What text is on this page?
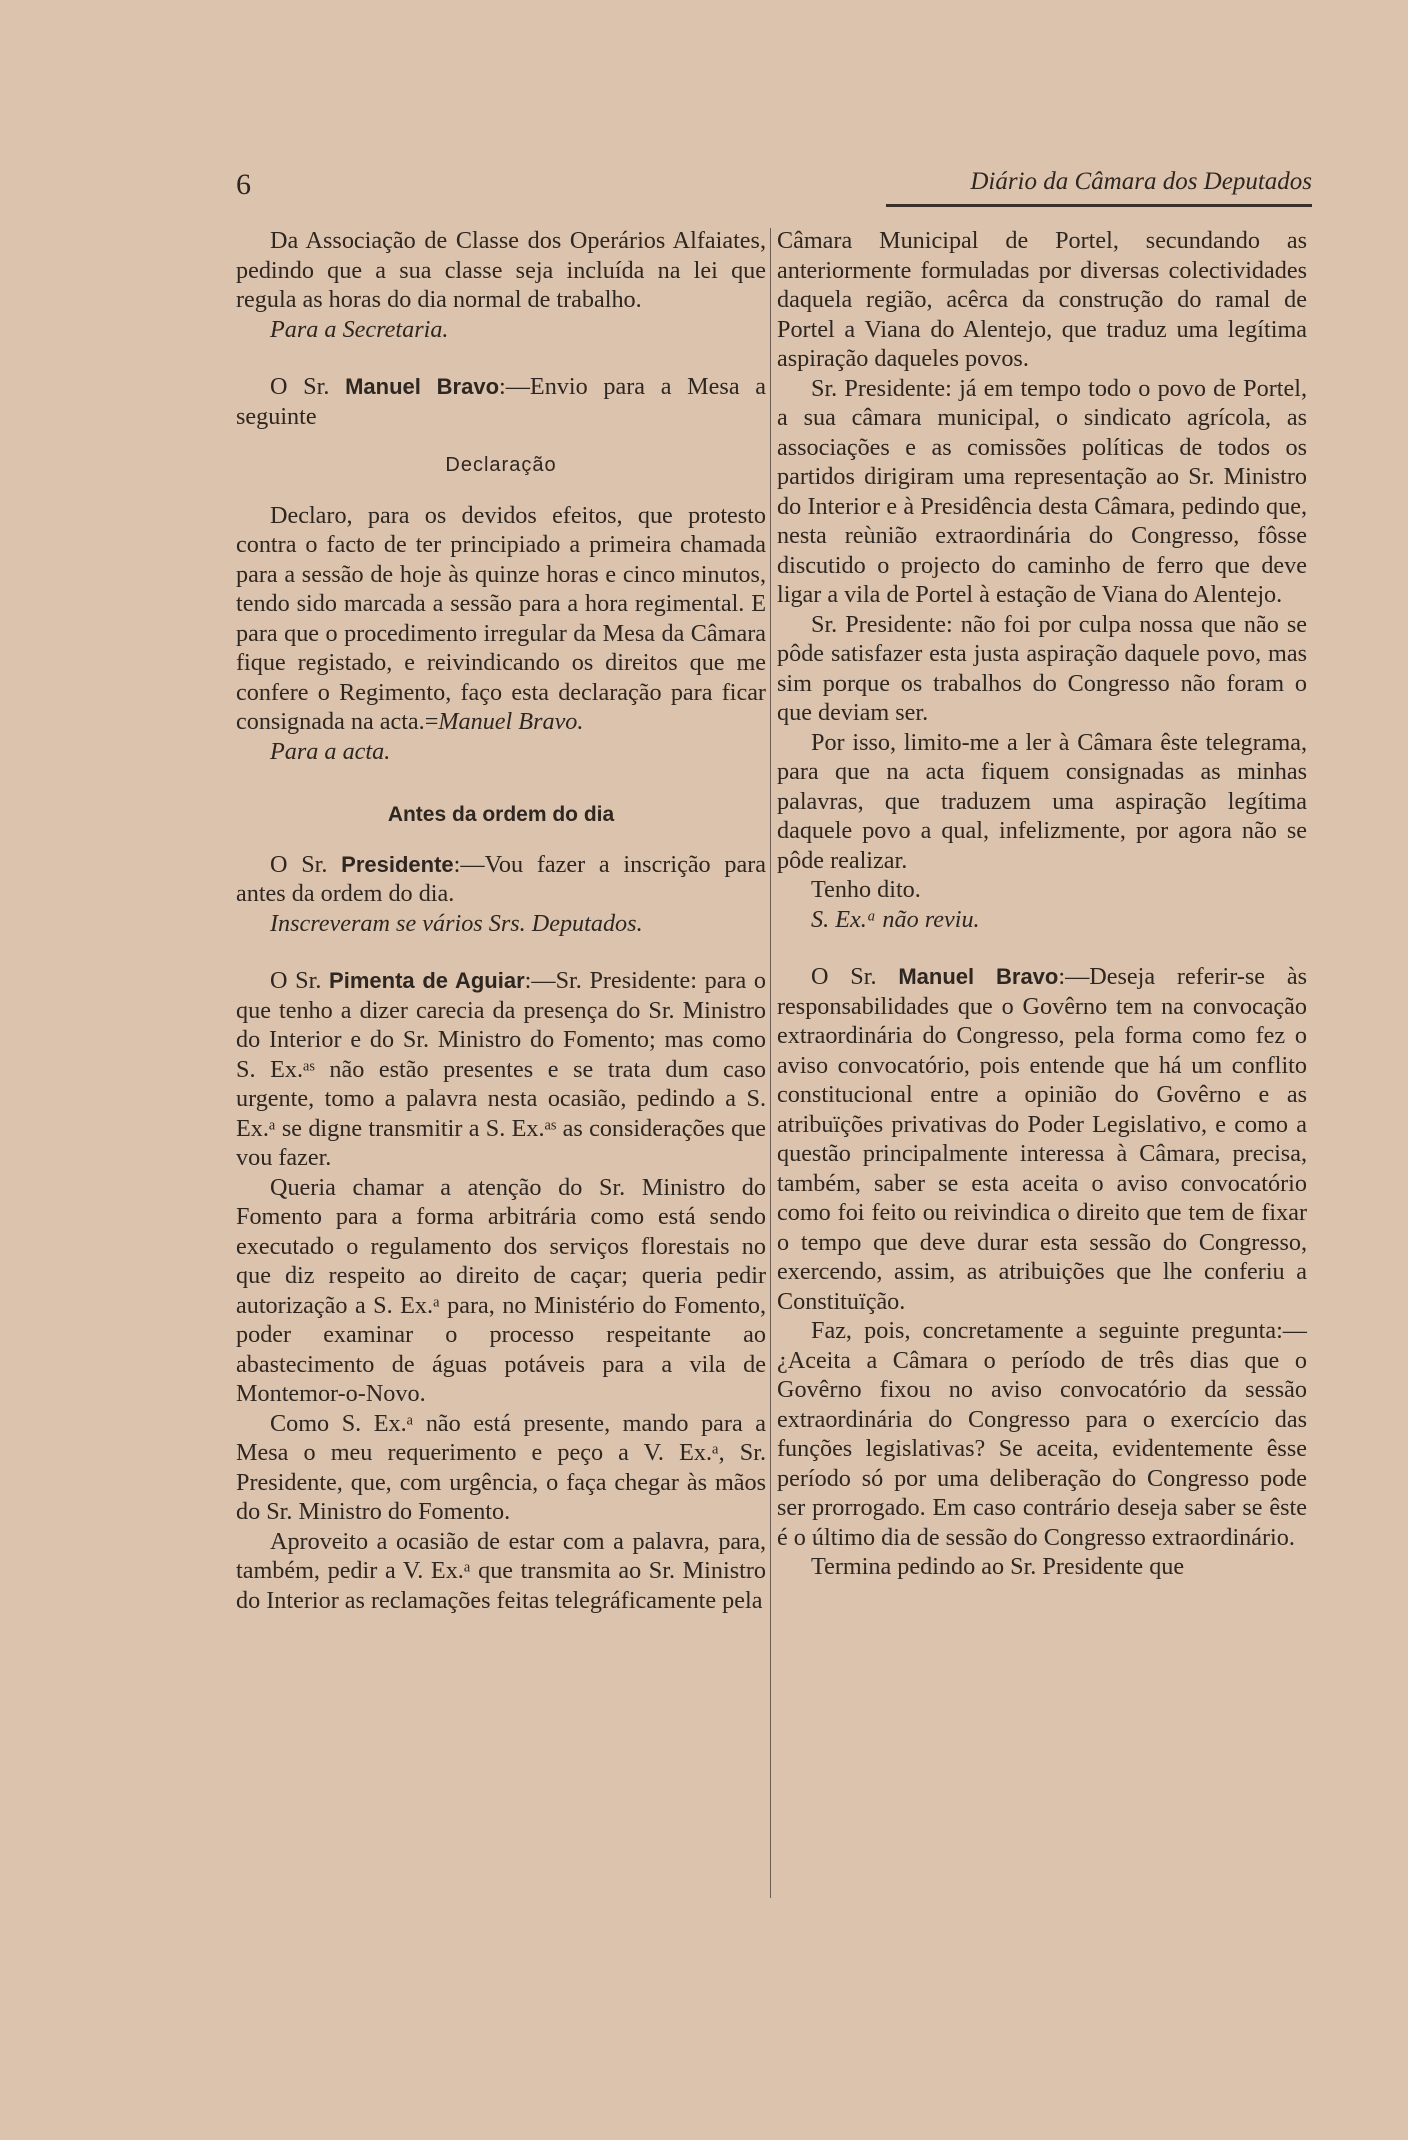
6	Diário da Câmara dos Deputados

Da Associação de Classe dos Operários Alfaiates, pedindo que a sua classe seja incluída na lei que regula as horas do dia normal de trabalho.

Para a Secretaria.

O Sr. Manuel Bravo:—Envio para a Mesa a seguinte

Declaração

Declaro, para os devidos efeitos, que protesto contra o facto de ter principiado a primeira chamada para a sessão de hoje às quinze horas e cinco minutos, tendo sido marcada a sessão para a hora regimental. E para que o procedimento irregular da Mesa da Câmara fique registado, e reivindicando os direitos que me confere o Regimento, faço esta declaração para ficar consignada na acta.=Manuel Bravo.

Para a acta.

Antes da ordem do dia

O Sr. Presidente:—Vou fazer a inscrição para antes da ordem do dia.

Inscreveram se vários Srs. Deputados.

O Sr. Pimenta de Aguiar:—Sr. Presidente: para o que tenho a dizer carecia da presença do Sr. Ministro do Interior e do Sr. Ministro do Fomento; mas como S. Ex.ᵃˢ não estão presentes e se trata dum caso urgente, tomo a palavra nesta ocasião, pedindo a S. Ex.ᵃ se digne transmitir a S. Ex.ᵃˢ as considerações que vou fazer.

Queria chamar a atenção do Sr. Ministro do Fomento para a forma arbitrária como está sendo executado o regulamento dos serviços florestais no que diz respeito ao direito de caçar; queria pedir autorização a S. Ex.ᵃ para, no Ministério do Fomento, poder examinar o processo respeitante ao abastecimento de águas potáveis para a vila de Montemor-o-Novo.

Como S. Ex.ᵃ não está presente, mando para a Mesa o meu requerimento e peço a V. Ex.ᵃ, Sr. Presidente, que, com urgência, o faça chegar às mãos do Sr. Ministro do Fomento.

Aproveito a ocasião de estar com a palavra, para, também, pedir a V. Ex.ᵃ que transmita ao Sr. Ministro do Interior as reclamações feitas telegráficamente pela

Câmara Municipal de Portel, secundando as anteriormente formuladas por diversas colectividades daquela região, acêrca da construção do ramal de Portel a Viana do Alentejo, que traduz uma legítima aspiração daqueles povos.

Sr. Presidente: já em tempo todo o povo de Portel, a sua câmara municipal, o sindicato agrícola, as associações e as comissões políticas de todos os partidos dirigiram uma representação ao Sr. Ministro do Interior e à Presidência desta Câmara, pedindo que, nesta reùnião extraordinária do Congresso, fôsse discutido o projecto do caminho de ferro que deve ligar a vila de Portel à estação de Viana do Alentejo.

Sr. Presidente: não foi por culpa nossa que não se pôde satisfazer esta justa aspiração daquele povo, mas sim porque os trabalhos do Congresso não foram o que deviam ser.

Por isso, limito-me a ler à Câmara êste telegrama, para que na acta fiquem consignadas as minhas palavras, que traduzem uma aspiração legítima daquele povo a qual, infelizmente, por agora não se pôde realizar.

Tenho dito.

S. Ex.ᵃ não reviu.

O Sr. Manuel Bravo:—Deseja referir-se às responsabilidades que o Govêrno tem na convocação extraordinária do Congresso, pela forma como fez o aviso convocatório, pois entende que há um conflito constitucional entre a opinião do Govêrno e as atribuïções privativas do Poder Legislativo, e como a questão principalmente interessa à Câmara, precisa, também, saber se esta aceita o aviso convocatório como foi feito ou reivindica o direito que tem de fixar o tempo que deve durar esta sessão do Congresso, exercendo, assim, as atribuições que lhe conferiu a Constituïção.

Faz, pois, concretamente a seguinte pregunta:—¿Aceita a Câmara o período de três dias que o Govêrno fixou no aviso convocatório da sessão extraordinária do Congresso para o exercício das funções legislativas? Se aceita, evidentemente êsse período só por uma deliberação do Congresso pode ser prorrogado. Em caso contrário deseja saber se êste é o último dia de sessão do Congresso extraordinário.

Termina pedindo ao Sr. Presidente que
